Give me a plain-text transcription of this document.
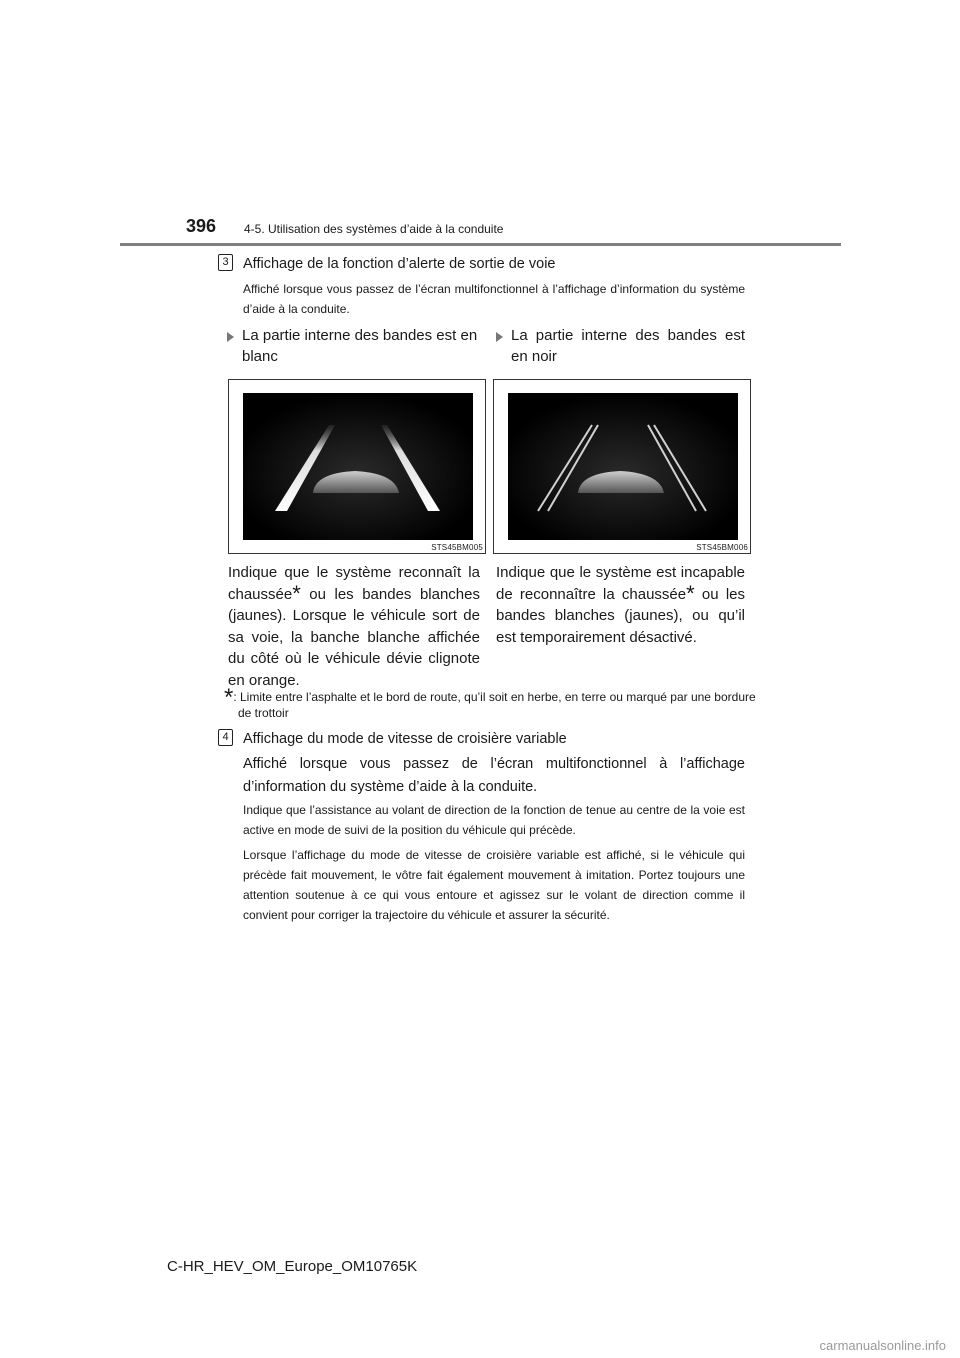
396 4-5. Utilisation des systèmes d’aide à la conduite
3 Affichage de la fonction d’alerte de sortie de voie
Affiché lorsque vous passez de l’écran multifonctionnel à l’affichage d’information du système d’aide à la conduite.
La partie interne des bandes est en blanc
La partie interne des bandes est en noir
STS45BM005	STS45BM006
Indique que le système reconnaît la chaussée* ou les bandes blanches (jaunes). Lorsque le véhicule sort de sa voie, la banche blanche affichée du côté où le véhicule dévie clignote en orange.
Indique que le système est incapable de reconnaître la chaussée* ou les bandes blanches (jaunes), ou qu’il est temporairement désactivé.
*: Limite entre l’asphalte et le bord de route, qu’il soit en herbe, en terre ou marqué par une bordure de trottoir
4 Affichage du mode de vitesse de croisière variable
Affiché lorsque vous passez de l’écran multifonctionnel à l’affichage d’information du système d’aide à la conduite.
Indique que l’assistance au volant de direction de la fonction de tenue au centre de la voie est active en mode de suivi de la position du véhicule qui précède.
Lorsque l’affichage du mode de vitesse de croisière variable est affiché, si le véhicule qui précède fait mouvement, le vôtre fait également mouvement à imitation. Portez toujours une attention soutenue à ce qui vous entoure et agissez sur le volant de direction comme il convient pour corriger la trajectoire du véhicule et assurer la sécurité.
C-HR_HEV_OM_Europe_OM10765K
carmanualsonline.info
